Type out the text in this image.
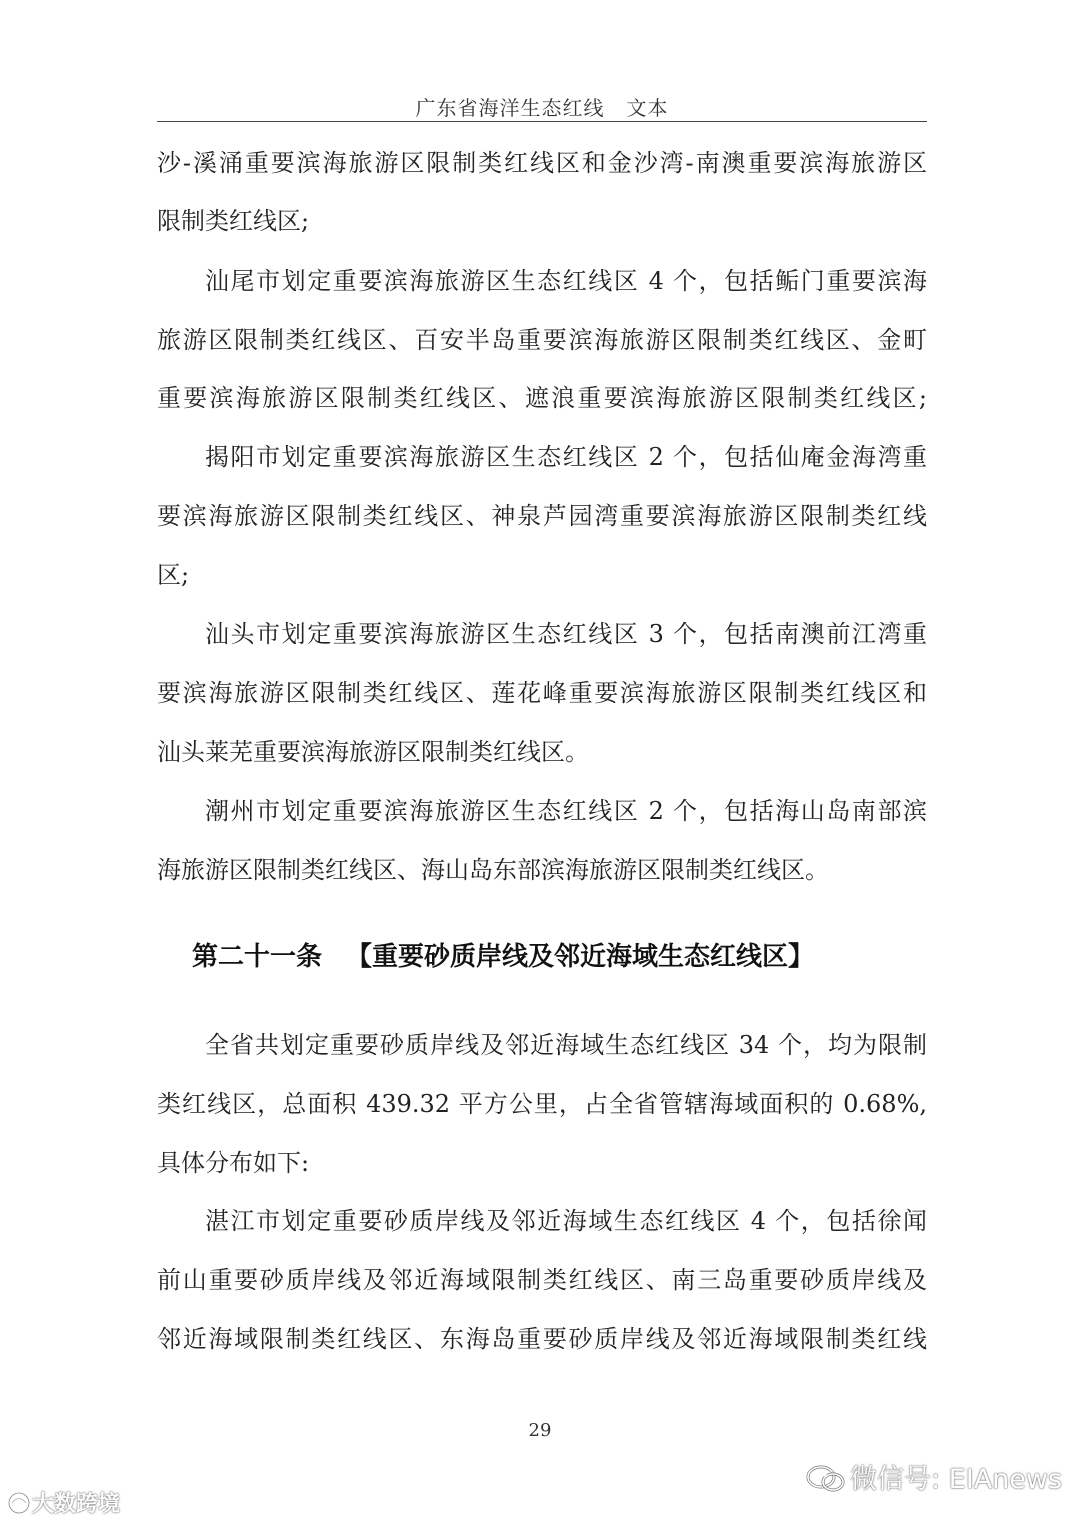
广东省海洋生态红线 文本
沙-溪涌重要滨海旅游区限制类红线区和金沙湾-南澳重要滨海旅游区
限制类红线区;
汕尾市划定重要滨海旅游区生态红线区 4 个，包括鲘门重要滨海
旅游区限制类红线区、百安半岛重要滨海旅游区限制类红线区、金町
重要滨海旅游区限制类红线区、遮浪重要滨海旅游区限制类红线区;
揭阳市划定重要滨海旅游区生态红线区 2 个，包括仙庵金海湾重
要滨海旅游区限制类红线区、神泉芦园湾重要滨海旅游区限制类红线
区;
汕头市划定重要滨海旅游区生态红线区 3 个，包括南澳前江湾重
要滨海旅游区限制类红线区、莲花峰重要滨海旅游区限制类红线区和
汕头莱芜重要滨海旅游区限制类红线区。
潮州市划定重要滨海旅游区生态红线区 2 个，包括海山岛南部滨
海旅游区限制类红线区、海山岛东部滨海旅游区限制类红线区。
第二十一条 【重要砂质岸线及邻近海域生态红线区】
全省共划定重要砂质岸线及邻近海域生态红线区 34 个，均为限制
类红线区，总面积 439.32 平方公里，占全省管辖海域面积的 0.68%,
具体分布如下:
湛江市划定重要砂质岸线及邻近海域生态红线区 4 个，包括徐闻
前山重要砂质岸线及邻近海域限制类红线区、南三岛重要砂质岸线及
邻近海域限制类红线区、东海岛重要砂质岸线及邻近海域限制类红线
29
大数跨境
微信号: EIAnews
